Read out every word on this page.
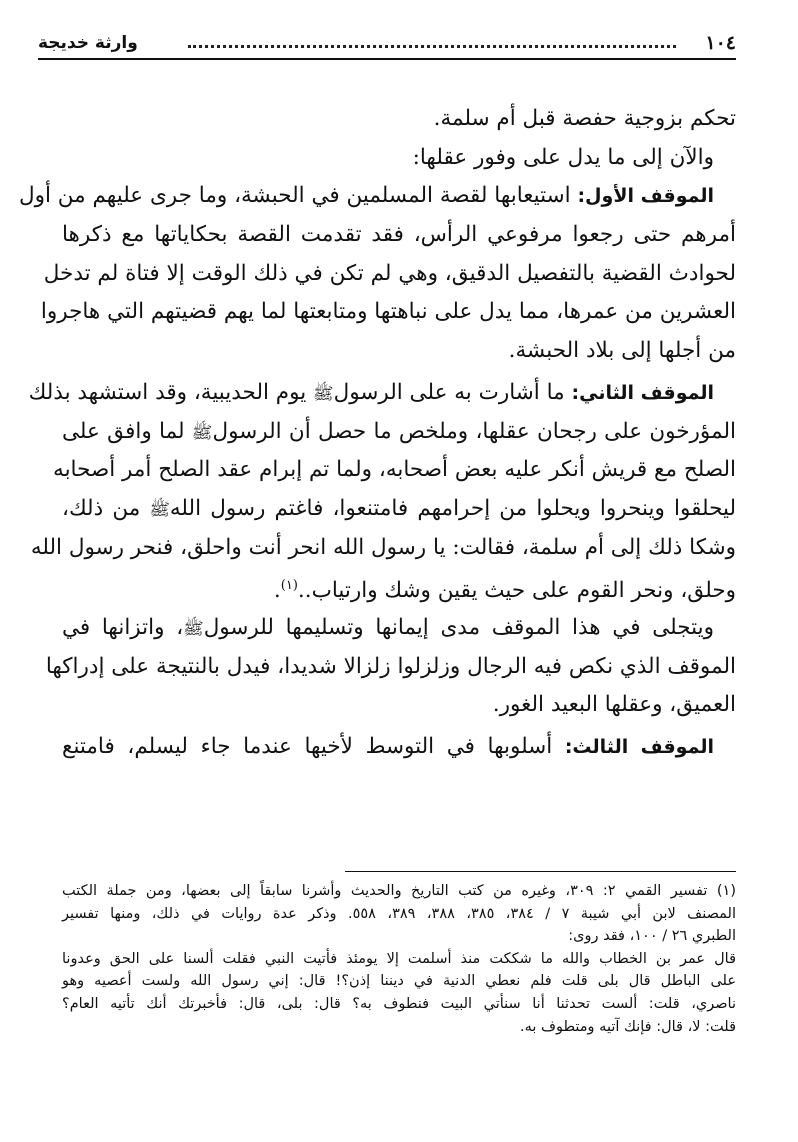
١٠٤
وارثة خديجة
تحكم بزوجية حفصة قبل أم سلمة.
والآن إلى ما يدل على وفور عقلها:
الموقف الأول: استيعابها لقصة المسلمين في الحبشة، وما جرى عليهم من أول
أمرهم حتى رجعوا مرفوعي الرأس، فقد تقدمت القصة بحكاياتها مع ذكرها
لحوادث القضية بالتفصيل الدقيق، وهي لم تكن في ذلك الوقت إلا فتاة لم تدخل
العشرين من عمرها، مما يدل على نباهتها ومتابعتها لما يهم قضيتهم التي هاجروا
من أجلها إلى بلاد الحبشة.
الموقف الثاني: ما أشارت به على الرسولﷺ يوم الحديبية، وقد استشهد بذلك
المؤرخون على رجحان عقلها، وملخص ما حصل أن الرسولﷺ لما وافق على
الصلح مع قريش أنكر عليه بعض أصحابه، ولما تم إبرام عقد الصلح أمر أصحابه
ليحلقوا وينحروا ويحلوا من إحرامهم فامتنعوا، فاغتم رسول اللهﷺ من ذلك،
وشكا ذلك إلى أم سلمة، فقالت: يا رسول الله انحر أنت واحلق، فنحر رسول الله
وحلق، ونحر القوم على حيث يقين وشك وارتياب..$^{(١)}$.
ويتجلى في هذا الموقف مدى إيمانها وتسليمها للرسولﷺ، واتزانها في
الموقف الذي نكص فيه الرجال وزلزلوا زلزالا شديدا، فيدل بالنتيجة على إدراكها
العميق، وعقلها البعيد الغور.
الموقف الثالث: أسلوبها في التوسط لأخيها عندما جاء ليسلم، فامتنع
(١) تفسير القمي ٢: ٣٠٩، وغيره من كتب التاريخ والحديث وأشرنا سابقاً إلى بعضها، ومن جملة الكتب
المصنف لابن أبي شيبة ٧ / ٣٨٤، ٣٨٥، ٣٨٨، ٣٨٩، ٥٥٨. وذكر عدة روايات في ذلك، ومنها تفسير
الطبري ٢٦ / ١٠٠، فقد روى:
قال عمر بن الخطاب والله ما شككت منذ أسلمت إلا يومئذ فأتيت النبي فقلت ألسنا على الحق وعدونا
على الباطل قال بلى قلت فلم نعطي الدنية في ديننا إذن؟! قال: إني رسول الله ولست أعصيه وهو
ناصري، قلت: ألست تحدثنا أنا سنأتي البيت فنطوف به؟ قال: بلى، قال: فأخبرتك أنك تأتيه العام؟
قلت: لا، قال: فإنك آتيه ومتطوف به.
